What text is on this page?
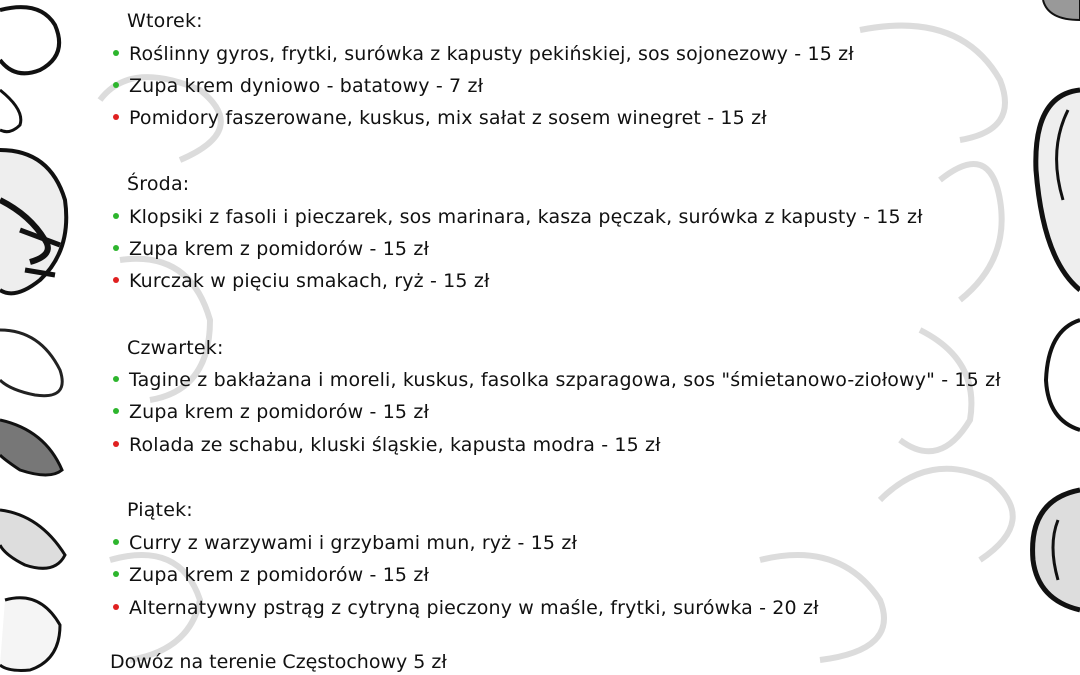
Wtorek:
Roślinny gyros, frytki, surówka z kapusty pekińskiej, sos sojonezowy - 15 zł
Zupa krem dyniowo - batatowy - 7 zł
Pomidory faszerowane, kuskus, mix sałat z sosem winegret - 15 zł
Środa:
Klopsiki z fasoli i pieczarek, sos marinara, kasza pęczak, surówka z kapusty - 15 zł
Zupa krem z pomidorów - 15 zł
Kurczak w pięciu smakach, ryż - 15 zł
Czwartek:
Tagine z bakłażana i moreli, kuskus, fasolka szparagowa, sos "śmietanowo-ziołowy" - 15 zł
Zupa krem z pomidorów - 15 zł
Rolada ze schabu, kluski śląskie, kapusta modra - 15 zł
Piątek:
Curry z warzywami i grzybami mun, ryż - 15 zł
Zupa krem z pomidorów - 15 zł
Alternatywny pstrąg z cytryną pieczony w maśle, frytki, surówka - 20 zł
Dowóz na terenie Częstochowy 5 zł
